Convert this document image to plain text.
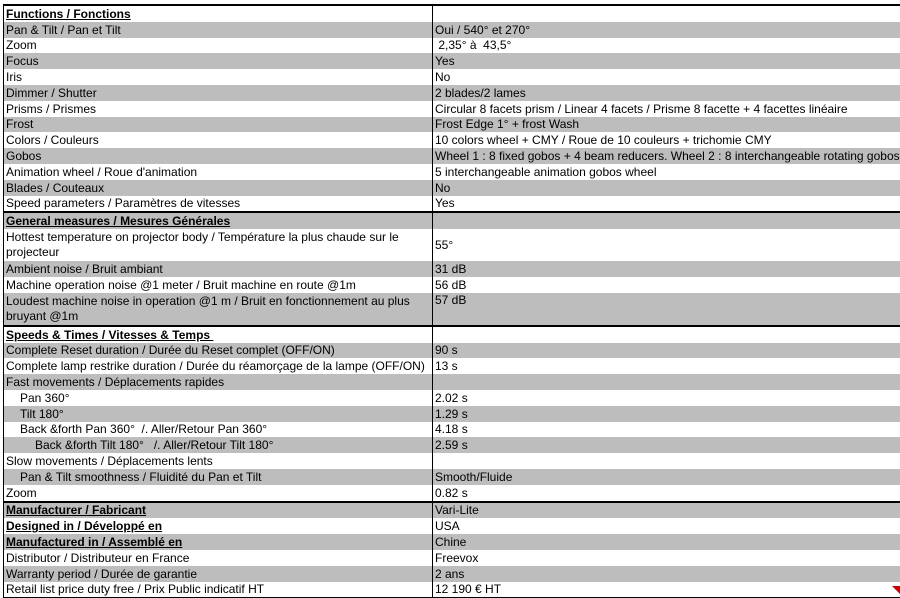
Functions / Fonctions	
Pan & Tilt / Pan et Tilt	Oui / 540° et 270°
Zoom	2,35° à  43,5°
Focus	Yes
Iris	No
Dimmer / Shutter	2 blades/2 lames
Prisms / Prismes	Circular 8 facets prism / Linear 4 facets / Prisme 8 facette + 4 facettes linéaire
Frost	Frost Edge 1° + frost Wash
Colors / Couleurs	10 colors wheel + CMY / Roue de 10 couleurs + trichomie CMY
Gobos	Wheel 1 : 8 fixed gobos + 4 beam reducers. Wheel 2 : 8 interchangeable rotating gobos
Animation wheel / Roue d'animation	5 interchangeable animation gobos wheel
Blades / Couteaux	No
Speed parameters / Paramètres de vitesses	Yes
General measures / Mesures Générales	
Hottest temperature on projector body / Température la plus chaude sur le projecteur	55°
Ambient noise / Bruit ambiant	31 dB
Machine operation noise @1 meter / Bruit machine en route @1m	56 dB
Loudest machine noise in operation @1 m / Bruit en fonctionnement au plus bruyant @1m	57 dB
Speeds & Times / Vitesses & Temps	
Complete Reset duration / Durée du Reset complet (OFF/ON)	90 s
Complete lamp restrike duration / Durée du réamorçage de la lampe (OFF/ON)	13 s
Fast movements / Déplacements rapides	
Pan 360°	2.02 s
Tilt 180°	1.29 s
Back &forth Pan 360°  /. Aller/Retour Pan 360°	4.18 s
Back &forth Tilt 180°   /. Aller/Retour Tilt 180°	2.59 s
Slow movements / Déplacements lents	
Pan & Tilt smoothness / Fluidité du Pan et Tilt	Smooth/Fluide
Zoom	0.82 s
Manufacturer / Fabricant	Vari-Lite
Designed in / Développé en	USA
Manufactured in / Assemblé en	Chine
Distributor / Distributeur en France	Freevox
Warranty period / Durée de garantie	2 ans
Retail list price duty free / Prix Public indicatif HT	12 190 € HT
